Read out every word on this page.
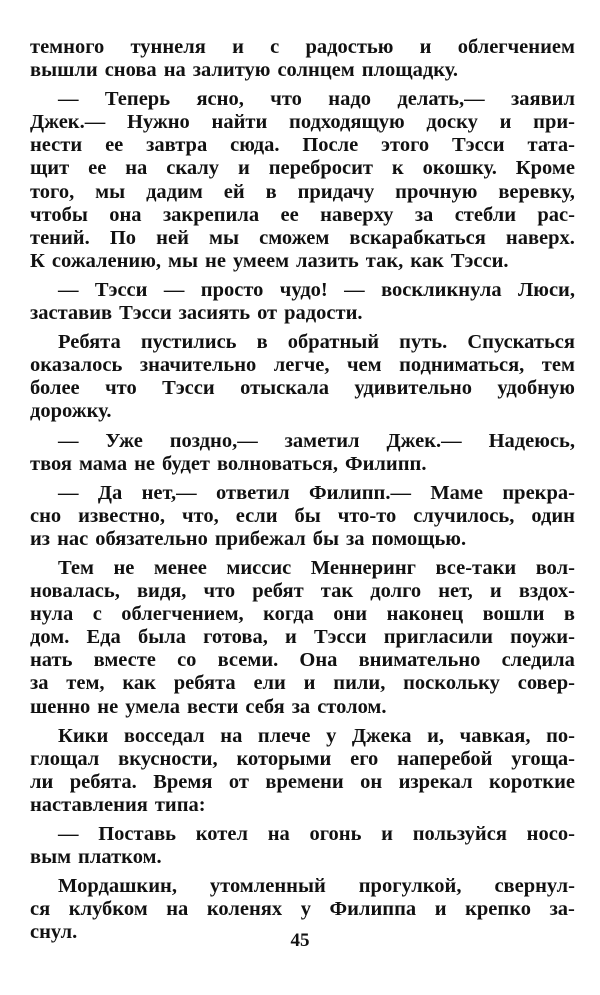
темного туннеля и с радостью и облегчением
вышли снова на залитую солнцем площадку.
— Теперь ясно, что надо делать,— заявил
Джек.— Нужно найти подходящую доску и при-
нести ее завтра сюда. После этого Тэсси тата-
щит ее на скалу и перебросит к окошку. Кроме
того, мы дадим ей в придачу прочную веревку,
чтобы она закрепила ее наверху за стебли рас-
тений. По ней мы сможем вскарабкаться наверх.
К сожалению, мы не умеем лазить так, как Тэсси.
— Тэсси — просто чудо! — воскликнула Люси,
заставив Тэсси засиять от радости.
Ребята пустились в обратный путь. Спускаться
оказалось значительно легче, чем подниматься, тем
более что Тэсси отыскала удивительно удобную
дорожку.
— Уже поздно,— заметил Джек.— Надеюсь,
твоя мама не будет волноваться, Филипп.
— Да нет,— ответил Филипп.— Маме прекра-
сно известно, что, если бы что-то случилось, один
из нас обязательно прибежал бы за помощью.
Тем не менее миссис Меннеринг все-таки вол-
новалась, видя, что ребят так долго нет, и вздох-
нула с облегчением, когда они наконец вошли в
дом. Еда была готова, и Тэсси пригласили поужи-
нать вместе со всеми. Она внимательно следила
за тем, как ребята ели и пили, поскольку совер-
шенно не умела вести себя за столом.
Кики восседал на плече у Джека и, чавкая, по-
глощал вкусности, которыми его наперебой угоща-
ли ребята. Время от времени он изрекал короткие
наставления типа:
— Поставь котел на огонь и пользуйся носо-
вым платком.
Мордашкин, утомленный прогулкой, свернул-
ся клубком на коленях у Филиппа и крепко за-
снул.	45
